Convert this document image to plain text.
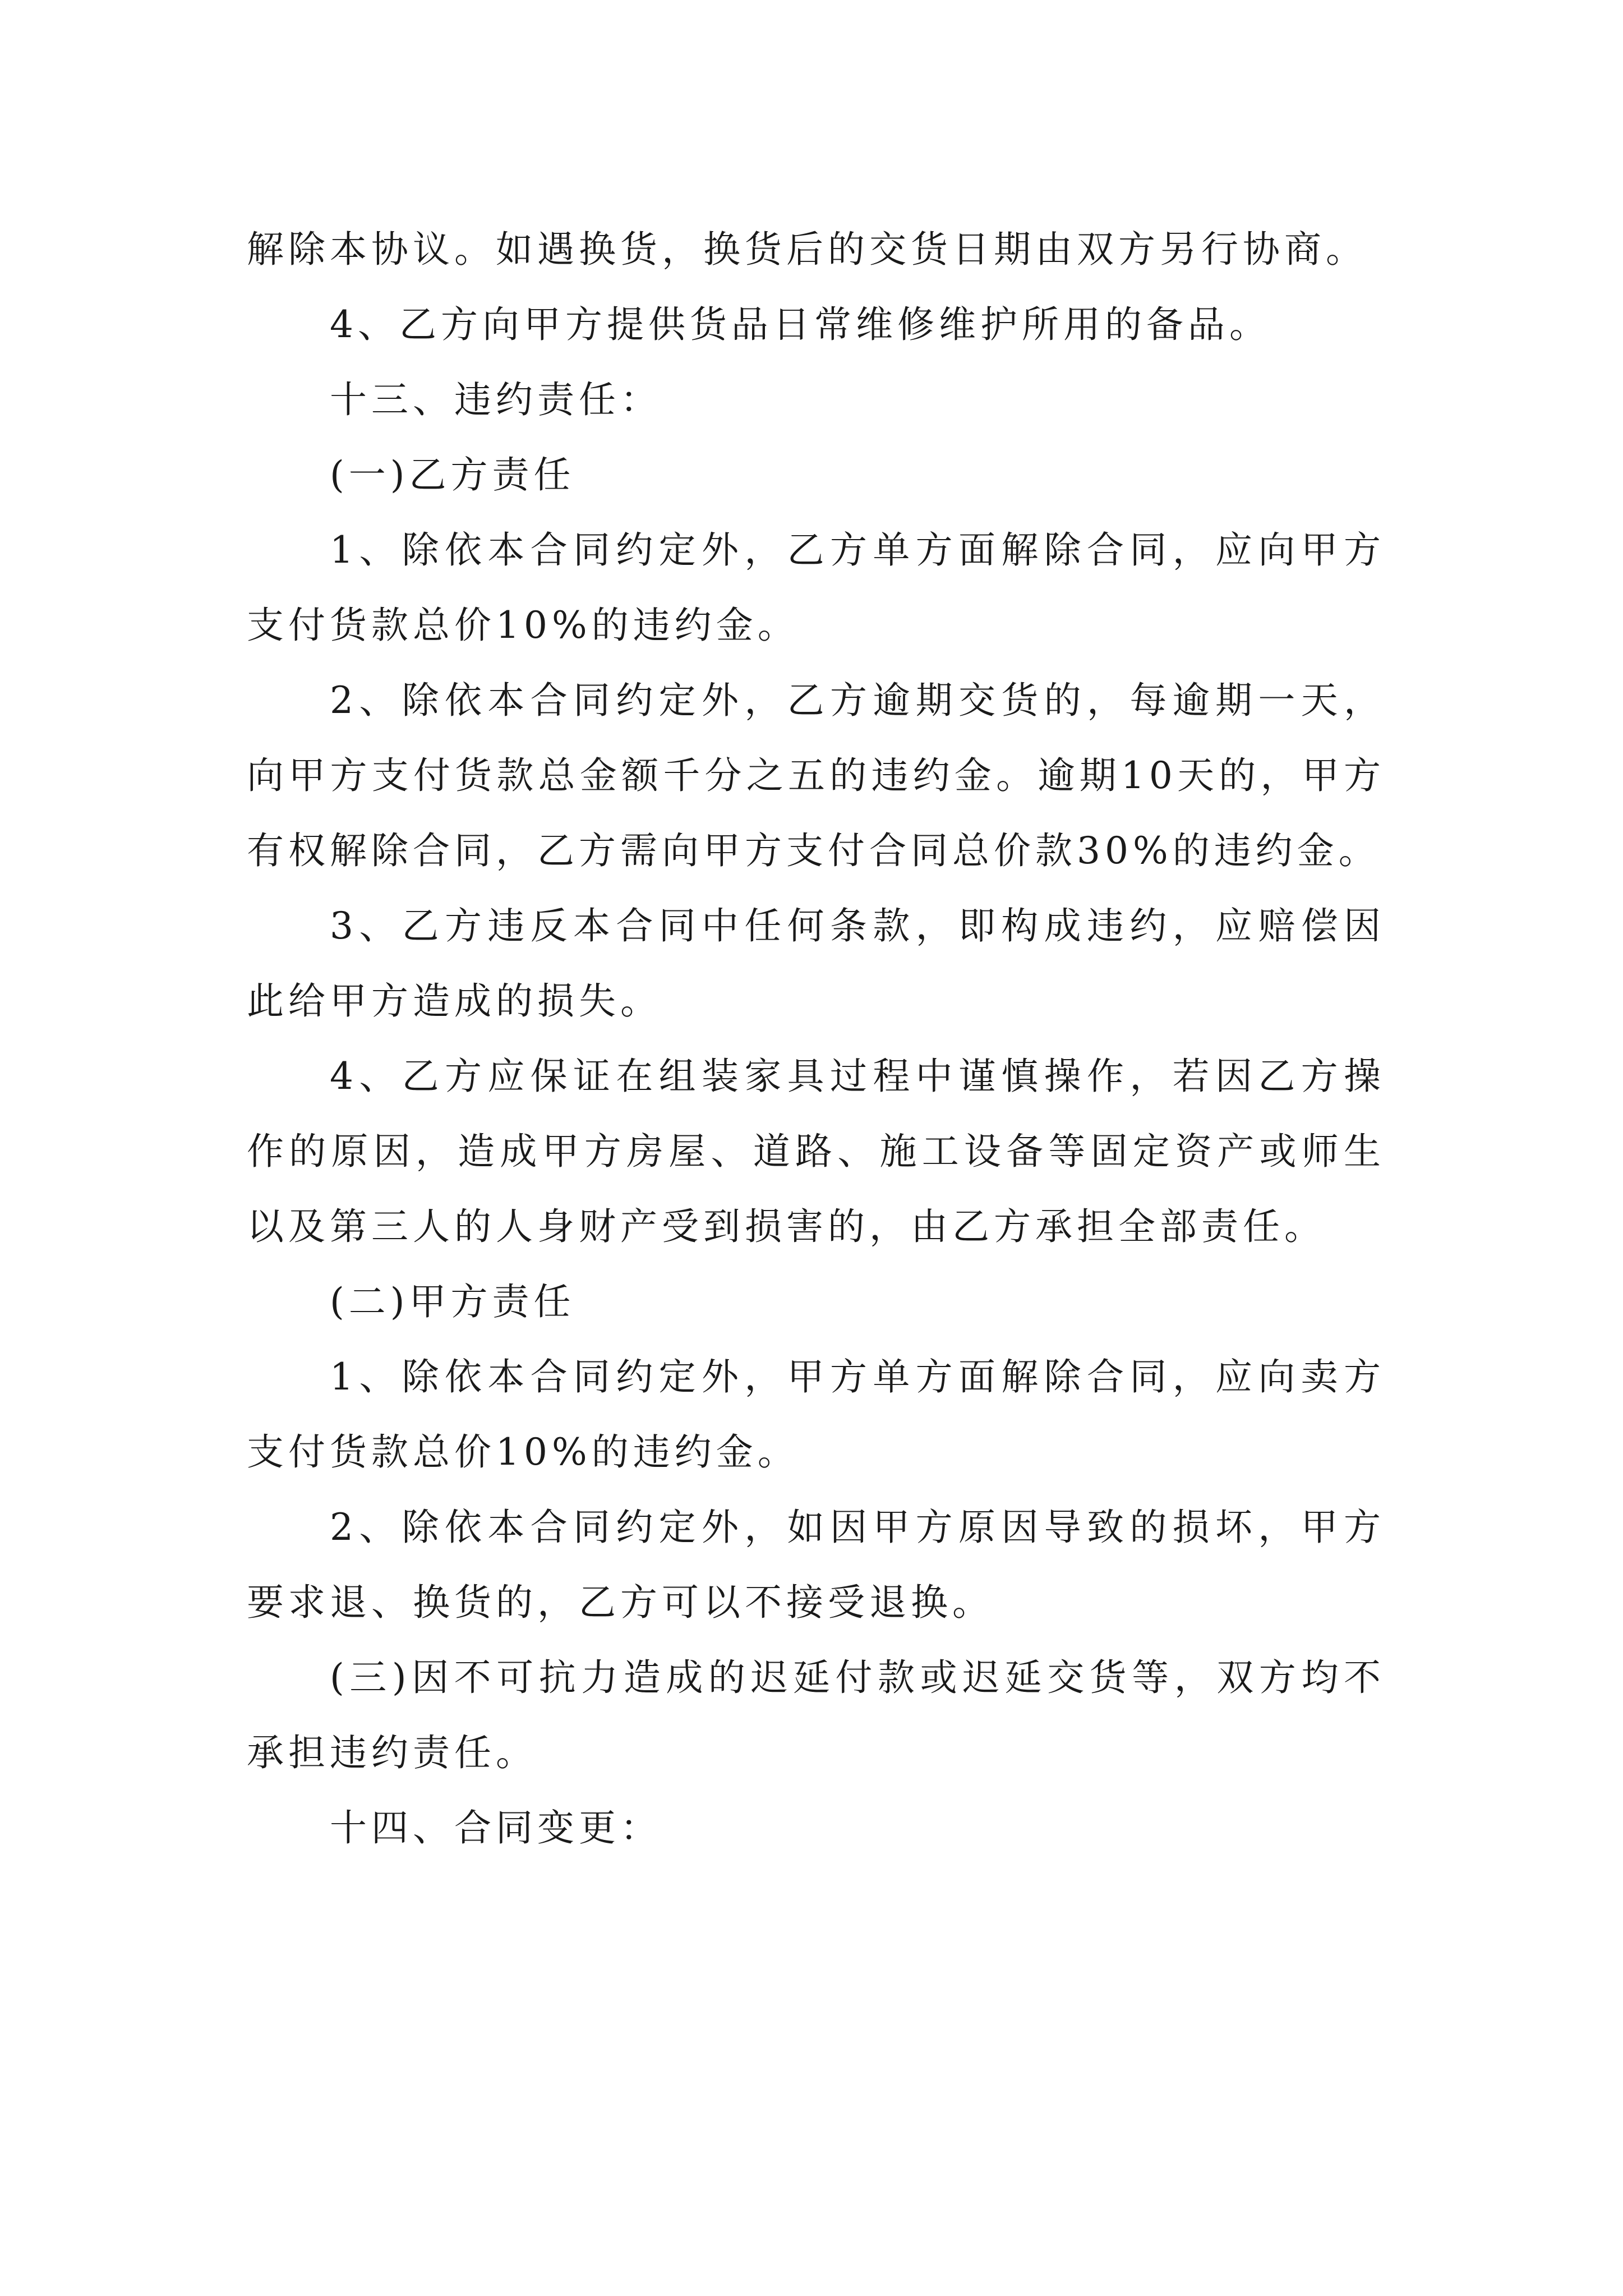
解除本协议。如遇换货，换货后的交货日期由双方另行协商。

4、乙方向甲方提供货品日常维修维护所用的备品。

十三、违约责任：

(一)乙方责任

1、除依本合同约定外，乙方单方面解除合同，应向甲方支付货款总价10%的违约金。

2、除依本合同约定外，乙方逾期交货的，每逾期一天，向甲方支付货款总金额千分之五的违约金。逾期10天的，甲方有权解除合同，乙方需向甲方支付合同总价款30%的违约金。

3、乙方违反本合同中任何条款，即构成违约，应赔偿因此给甲方造成的损失。

4、乙方应保证在组装家具过程中谨慎操作，若因乙方操作的原因，造成甲方房屋、道路、施工设备等固定资产或师生以及第三人的人身财产受到损害的，由乙方承担全部责任。

(二)甲方责任

1、除依本合同约定外，甲方单方面解除合同，应向卖方支付货款总价10%的违约金。

2、除依本合同约定外，如因甲方原因导致的损坏，甲方要求退、换货的，乙方可以不接受退换。

(三)因不可抗力造成的迟延付款或迟延交货等，双方均不承担违约责任。

十四、合同变更：
